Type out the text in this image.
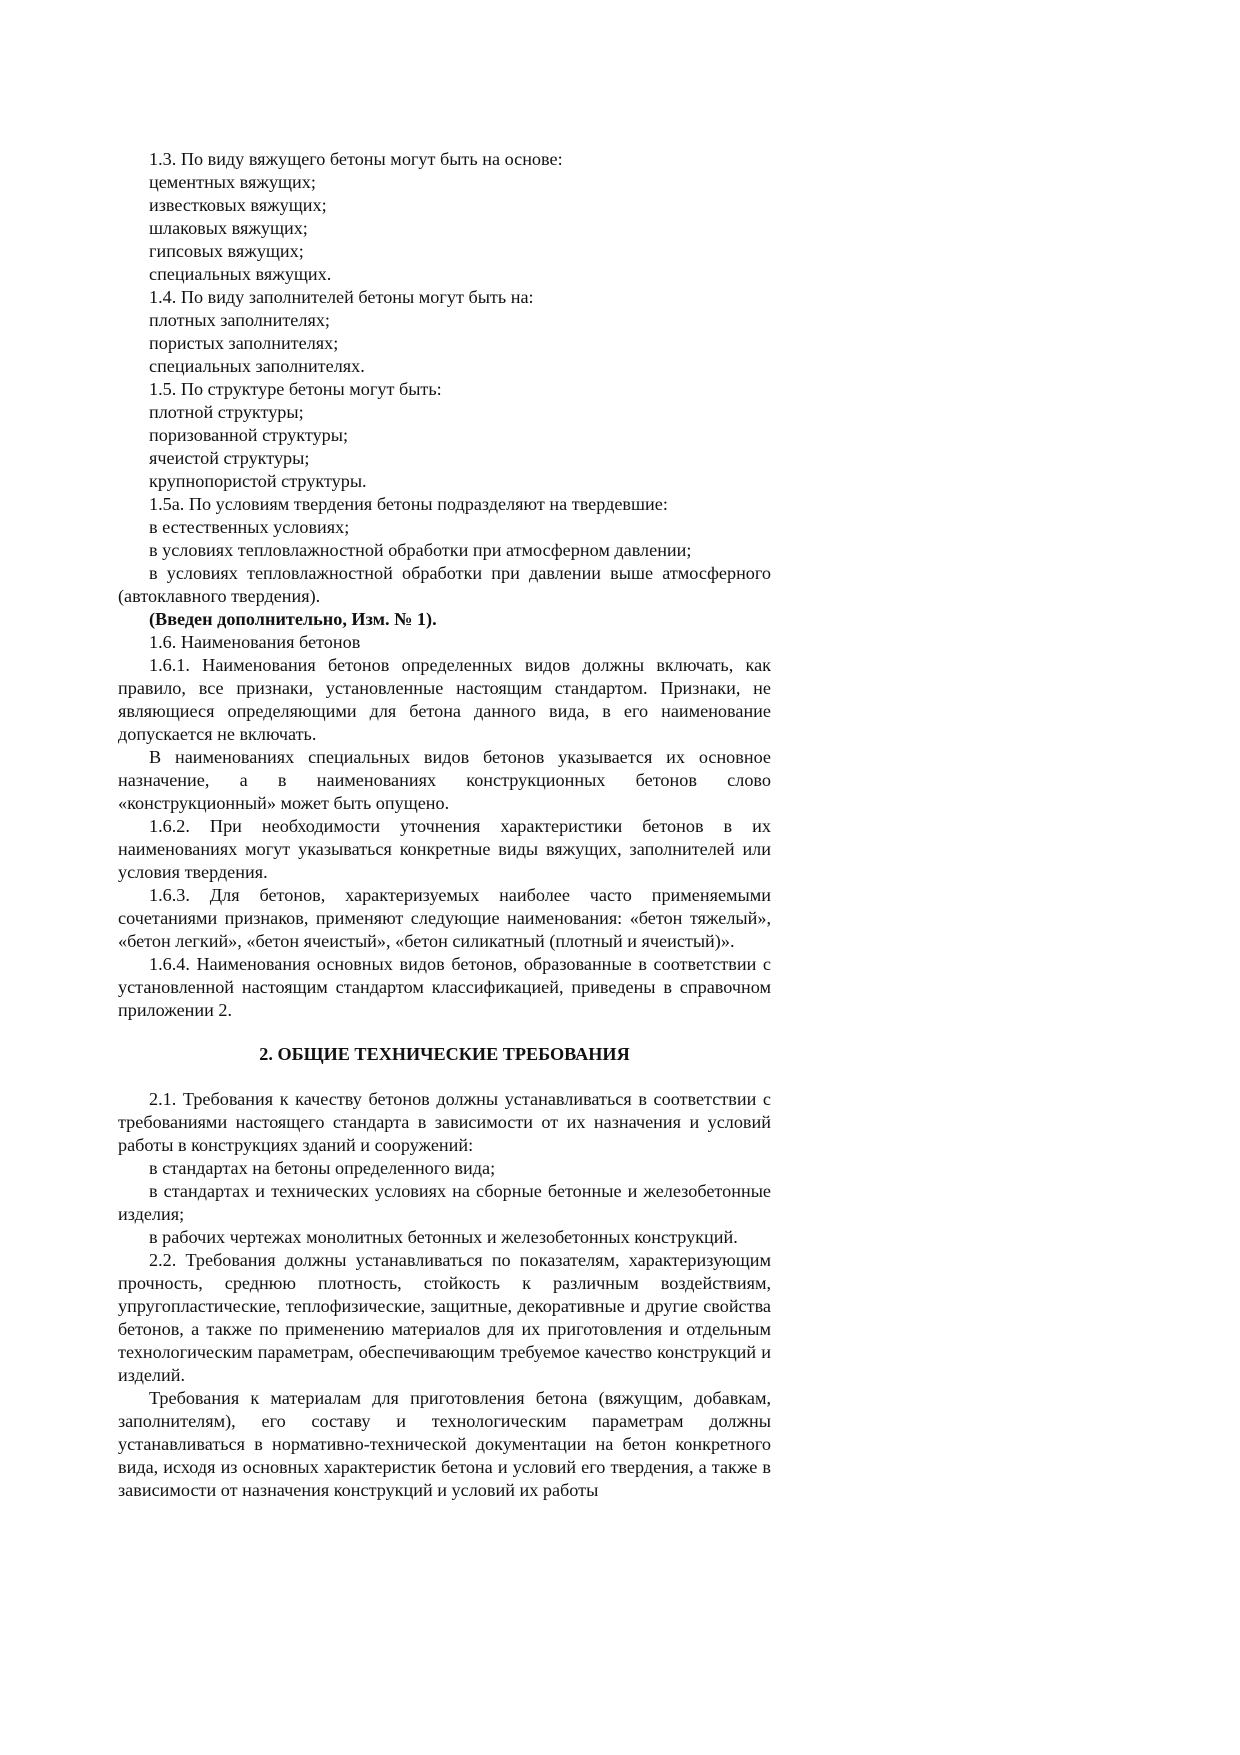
1.3. По виду вяжущего бетоны могут быть на основе:

цементных вяжущих;

известковых вяжущих;

шлаковых вяжущих;

гипсовых вяжущих;

специальных вяжущих.

1.4. По виду заполнителей бетоны могут быть на:

плотных заполнителях;

пористых заполнителях;

специальных заполнителях.

1.5. По структуре бетоны могут быть:

плотной структуры;

поризованной структуры;

ячеистой структуры;

крупнопористой структуры.

1.5а. По условиям твердения бетоны подразделяют на твердевшие:

в естественных условиях;

в условиях тепловлажностной обработки при атмосферном давлении;

в условиях тепловлажностной обработки при давлении выше атмосферного (автоклавного твердения).

(Введен дополнительно, Изм. № 1).

1.6. Наименования бетонов

1.6.1. Наименования бетонов определенных видов должны включать, как правило, все признаки, установленные настоящим стандартом. Признаки, не являющиеся определяющими для бетона данного вида, в его наименование допускается не включать.

В наименованиях специальных видов бетонов указывается их основное назначение, а в наименованиях конструкционных бетонов слово «конструкционный» может быть опущено.

1.6.2. При необходимости уточнения характеристики бетонов в их наименованиях могут указываться конкретные виды вяжущих, заполнителей или условия твердения.

1.6.3. Для бетонов, характеризуемых наиболее часто применяемыми сочетаниями признаков, применяют следующие наименования: «бетон тяжелый», «бетон легкий», «бетон ячеистый», «бетон силикатный (плотный и ячеистый)».

1.6.4. Наименования основных видов бетонов, образованные в соответствии с установленной настоящим стандартом классификацией, приведены в справочном приложении 2.

2. ОБЩИЕ ТЕХНИЧЕСКИЕ ТРЕБОВАНИЯ

2.1. Требования к качеству бетонов должны устанавливаться в соответствии с требованиями настоящего стандарта в зависимости от их назначения и условий работы в конструкциях зданий и сооружений:

в стандартах на бетоны определенного вида;

в стандартах и технических условиях на сборные бетонные и железобетонные изделия;

в рабочих чертежах монолитных бетонных и железобетонных конструкций.

2.2. Требования должны устанавливаться по показателям, характеризующим прочность, среднюю плотность, стойкость к различным воздействиям, упругопластические, теплофизические, защитные, декоративные и другие свойства бетонов, а также по применению материалов для их приготовления и отдельным технологическим параметрам, обеспечивающим требуемое качество конструкций и изделий.

Требования к материалам для приготовления бетона (вяжущим, добавкам, заполнителям), его составу и технологическим параметрам должны устанавливаться в нормативно-технической документации на бетон конкретного вида, исходя из основных характеристик бетона и условий его твердения, а также в зависимости от назначения конструкций и условий их работы
